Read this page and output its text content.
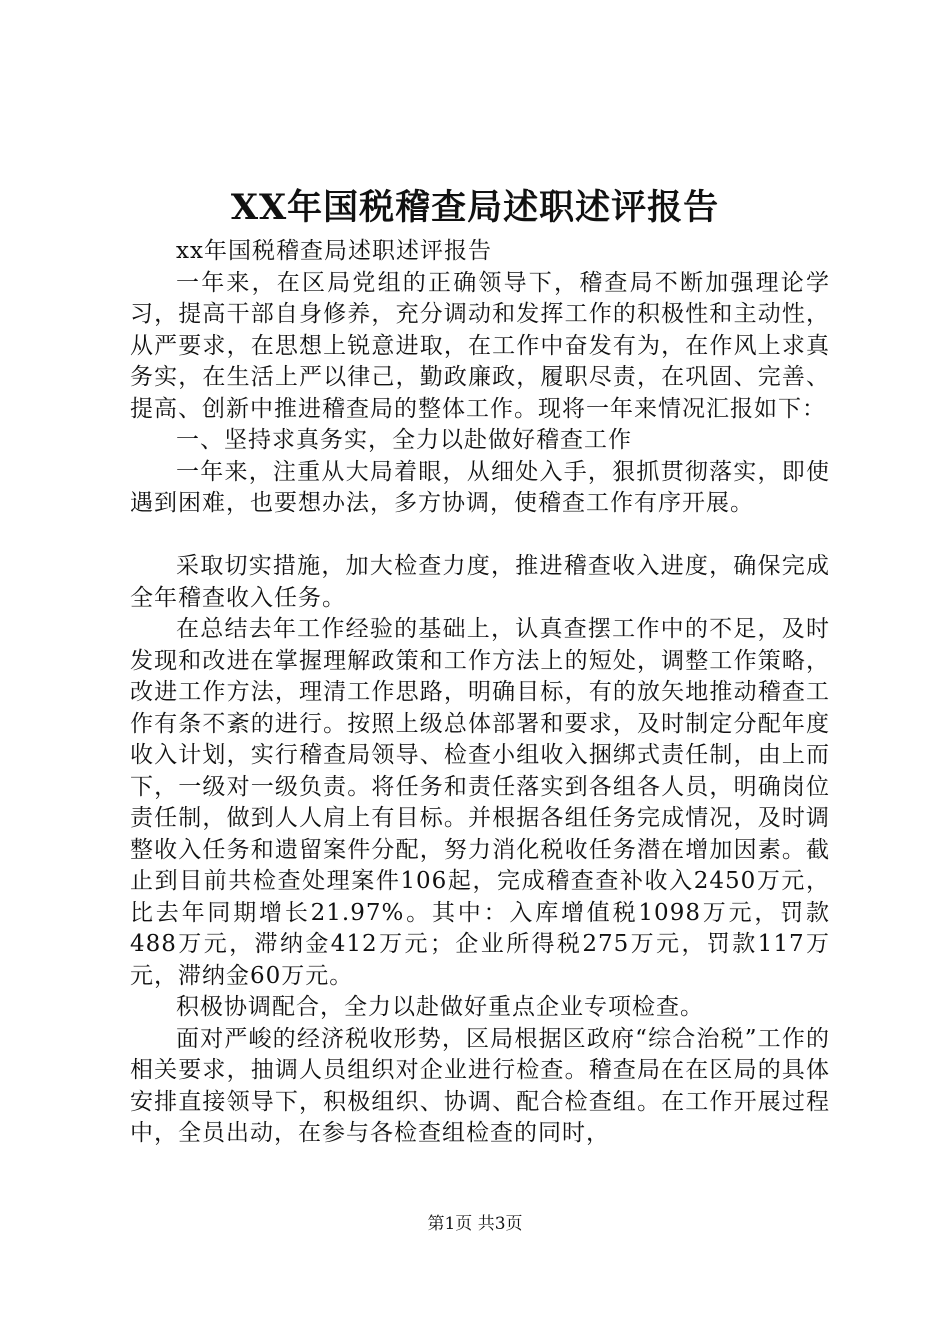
XX年国税稽查局述职述评报告

xx年国税稽查局述职述评报告

一年来，在区局党组的正确领导下，稽查局不断加强理论学习，提高干部自身修养，充分调动和发挥工作的积极性和主动性，从严要求，在思想上锐意进取，在工作中奋发有为，在作风上求真务实，在生活上严以律己，勤政廉政，履职尽责，在巩固、完善、提高、创新中推进稽查局的整体工作。现将一年来情况汇报如下：

一、坚持求真务实，全力以赴做好稽查工作

一年来，注重从大局着眼，从细处入手，狠抓贯彻落实，即使遇到困难，也要想办法，多方协调，使稽查工作有序开展。

采取切实措施，加大检查力度，推进稽查收入进度，确保完成全年稽查收入任务。

在总结去年工作经验的基础上，认真查摆工作中的不足，及时发现和改进在掌握理解政策和工作方法上的短处，调整工作策略，改进工作方法，理清工作思路，明确目标，有的放矢地推动稽查工作有条不紊的进行。按照上级总体部署和要求，及时制定分配年度收入计划，实行稽查局领导、检查小组收入捆绑式责任制，由上而下，一级对一级负责。将任务和责任落实到各组各人员，明确岗位责任制，做到人人肩上有目标。并根据各组任务完成情况，及时调整收入任务和遗留案件分配，努力消化税收任务潜在增加因素。截止到目前共检查处理案件106起，完成稽查查补收入2450万元，比去年同期增长21.97%。其中：入库增值税1098万元，罚款488万元，滞纳金412万元；企业所得税275万元，罚款117万元，滞纳金60万元。

积极协调配合，全力以赴做好重点企业专项检查。

面对严峻的经济税收形势，区局根据区政府“综合治税”工作的相关要求，抽调人员组织对企业进行检查。稽查局在在区局的具体安排直接领导下，积极组织、协调、配合检查组。在工作开展过程中，全员出动，在参与各检查组检查的同时，

第1页 共3页
